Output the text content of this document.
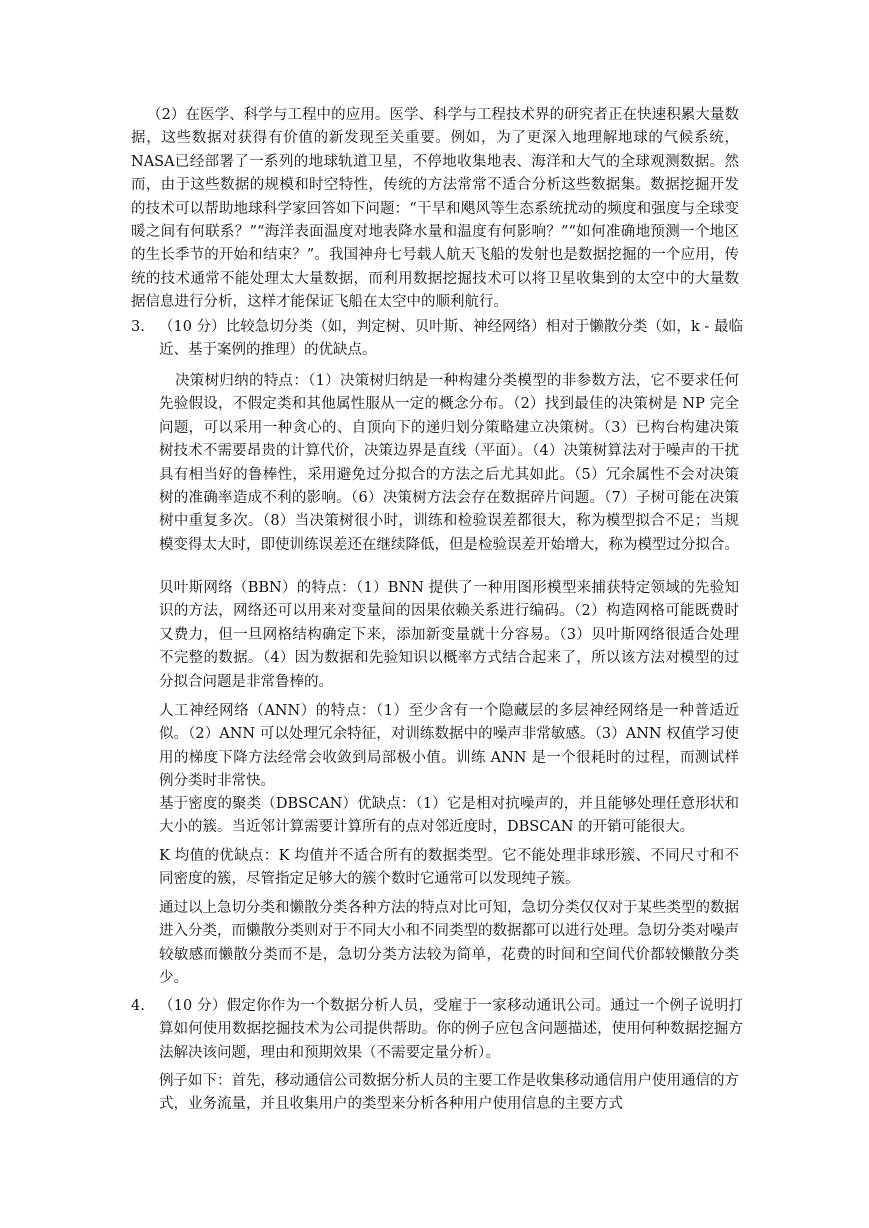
（2）在医学、科学与工程中的应用。医学、科学与工程技术界的研究者正在快速积累大量数据，这些数据对获得有价值的新发现至关重要。例如，为了更深入地理解地球的气候系统，NASA已经部署了一系列的地球轨道卫星，不停地收集地表、海洋和大气的全球观测数据。然而，由于这些数据的规模和时空特性，传统的方法常常不适合分析这些数据集。数据挖掘开发的技术可以帮助地球科学家回答如下问题：“干旱和飓风等生态系统扰动的频度和强度与全球变暖之间有何联系？”“海洋表面温度对地表降水量和温度有何影响？”“如何准确地预测一个地区的生长季节的开始和结束？”。我国神舟七号载人航天飞船的发射也是数据挖掘的一个应用，传统的技术通常不能处理太大量数据，而利用数据挖掘技术可以将卫星收集到的太空中的大量数据信息进行分析，这样才能保证飞船在太空中的顺利航行。

3. （10 分）比较急切分类（如，判定树、贝叶斯、神经网络）相对于懒散分类（如，k - 最临近、基于案例的推理）的优缺点。

决策树归纳的特点：（1）决策树归纳是一种构建分类模型的非参数方法，它不要求任何先验假设，不假定类和其他属性服从一定的概念分布。（2）找到最佳的决策树是 NP 完全问题，可以采用一种贪心的、自顶向下的递归划分策略建立决策树。（3）已构台构建决策树技术不需要昂贵的计算代价，决策边界是直线（平面）。（4）决策树算法对于噪声的干扰具有相当好的鲁棒性，采用避免过分拟合的方法之后尤其如此。（5）冗余属性不会对决策树的准确率造成不利的影响。（6）决策树方法会存在数据碎片问题。（7）子树可能在决策树中重复多次。（8）当决策树很小时，训练和检验误差都很大，称为模型拟合不足；当规模变得太大时，即使训练误差还在继续降低，但是检验误差开始增大，称为模型过分拟合。

贝叶斯网络（BBN）的特点：（1）BNN 提供了一种用图形模型来捕获特定领域的先验知识的方法，网络还可以用来对变量间的因果依赖关系进行编码。（2）构造网格可能既费时又费力，但一旦网格结构确定下来，添加新变量就十分容易。（3）贝叶斯网络很适合处理不完整的数据。（4）因为数据和先验知识以概率方式结合起来了，所以该方法对模型的过分拟合问题是非常鲁棒的。

人工神经网络（ANN）的特点：（1）至少含有一个隐藏层的多层神经网络是一种普适近似。（2）ANN 可以处理冗余特征，对训练数据中的噪声非常敏感。（3）ANN 权值学习使用的梯度下降方法经常会收敛到局部极小值。训练 ANN 是一个很耗时的过程，而测试样例分类时非常快。

基于密度的聚类（DBSCAN）优缺点：（1）它是相对抗噪声的，并且能够处理任意形状和大小的簇。当近邻计算需要计算所有的点对邻近度时，DBSCAN 的开销可能很大。

K 均值的优缺点：K 均值并不适合所有的数据类型。它不能处理非球形簇、不同尺寸和不同密度的簇，尽管指定足够大的簇个数时它通常可以发现纯子簇。

通过以上急切分类和懒散分类各种方法的特点对比可知，急切分类仅仅对于某些类型的数据进入分类，而懒散分类则对于不同大小和不同类型的数据都可以进行处理。急切分类对噪声较敏感而懒散分类而不是，急切分类方法较为简单，花费的时间和空间代价都较懒散分类少。

4. （10 分）假定你作为一个数据分析人员，受雇于一家移动通讯公司。通过一个例子说明打算如何使用数据挖掘技术为公司提供帮助。你的例子应包含问题描述，使用何种数据挖掘方法解决该问题，理由和预期效果（不需要定量分析）。

例子如下：首先，移动通信公司数据分析人员的主要工作是收集移动通信用户使用通信的方式，业务流量，并且收集用户的类型来分析各种用户使用信息的主要方式
